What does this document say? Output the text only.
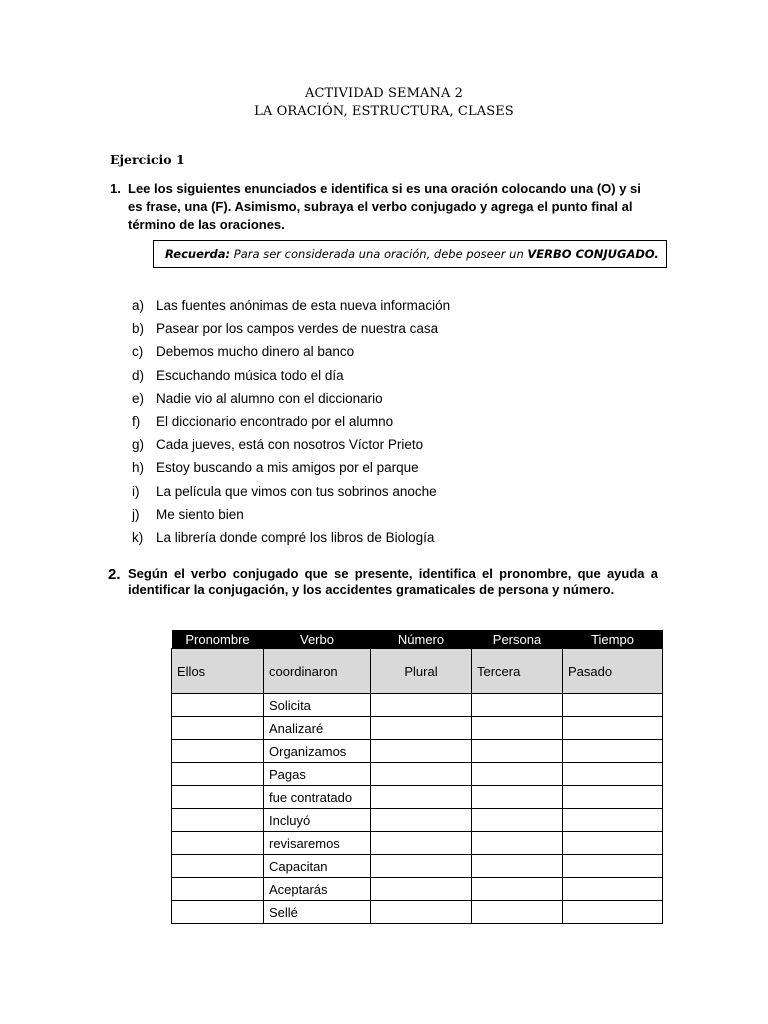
ACTIVIDAD SEMANA 2
LA ORACIÓN, ESTRUCTURA, CLASES
Ejercicio 1
1. Lee los siguientes enunciados e identifica si es una oración colocando una (O) y si es frase, una (F). Asimismo, subraya el verbo conjugado y agrega el punto final al término de las oraciones.
Recuerda: Para ser considerada una oración, debe poseer un VERBO CONJUGADO.
a) Las fuentes anónimas de esta nueva información
b) Pasear por los campos verdes de nuestra casa
c) Debemos mucho dinero al banco
d) Escuchando música todo el día
e) Nadie vio al alumno con el diccionario
f) El diccionario encontrado por el alumno
g) Cada jueves, está con nosotros Víctor Prieto
h) Estoy buscando a mis amigos por el parque
i) La película que vimos con tus sobrinos anoche
j) Me siento bien
k) La librería donde compré los libros de Biología
2. Según el verbo conjugado que se presente, identifica el pronombre, que ayuda a identificar la conjugación, y los accidentes gramaticales de persona y número.
Pronombre	Verbo	Número	Persona	Tiempo
Ellos	coordinaron	Plural	Tercera	Pasado
	Solicita			
	Analizaré			
	Organizamos			
	Pagas			
	fue contratado			
	Incluyó			
	revisaremos			
	Capacitan			
	Aceptarás			
	Sellé			
